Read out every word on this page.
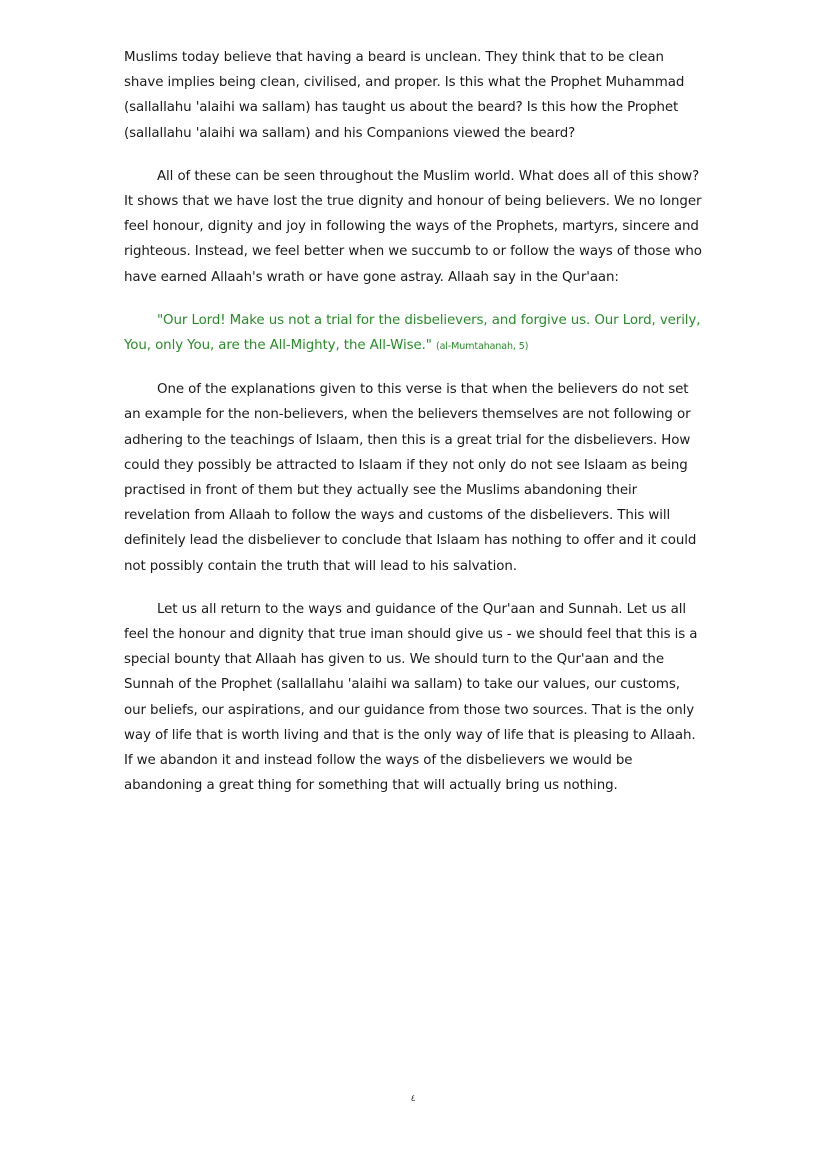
Muslims today believe that having a beard is unclean. They think that to be clean shave implies being clean, civilised, and proper. Is this what the Prophet Muhammad (sallallahu 'alaihi wa sallam) has taught us about the beard? Is this how the Prophet (sallallahu 'alaihi wa sallam) and his Companions viewed the beard?

All of these can be seen throughout the Muslim world. What does all of this show? It shows that we have lost the true dignity and honour of being believers. We no longer feel honour, dignity and joy in following the ways of the Prophets, martyrs, sincere and righteous. Instead, we feel better when we succumb to or follow the ways of those who have earned Allaah's wrath or have gone astray. Allaah say in the Qur'aan:

"Our Lord! Make us not a trial for the disbelievers, and forgive us. Our Lord, verily, You, only You, are the All-Mighty, the All-Wise." (al-Mumtahanah, 5)

One of the explanations given to this verse is that when the believers do not set an example for the non-believers, when the believers themselves are not following or adhering to the teachings of Islaam, then this is a great trial for the disbelievers. How could they possibly be attracted to Islaam if they not only do not see Islaam as being practised in front of them but they actually see the Muslims abandoning their revelation from Allaah to follow the ways and customs of the disbelievers. This will definitely lead the disbeliever to conclude that Islaam has nothing to offer and it could not possibly contain the truth that will lead to his salvation.

Let us all return to the ways and guidance of the Qur'aan and Sunnah. Let us all feel the honour and dignity that true iman should give us - we should feel that this is a special bounty that Allaah has given to us. We should turn to the Qur'aan and the Sunnah of the Prophet (sallallahu 'alaihi wa sallam) to take our values, our customs, our beliefs, our aspirations, and our guidance from those two sources. That is the only way of life that is worth living and that is the only way of life that is pleasing to Allaah. If we abandon it and instead follow the ways of the disbelievers we would be abandoning a great thing for something that will actually bring us nothing.

٤
